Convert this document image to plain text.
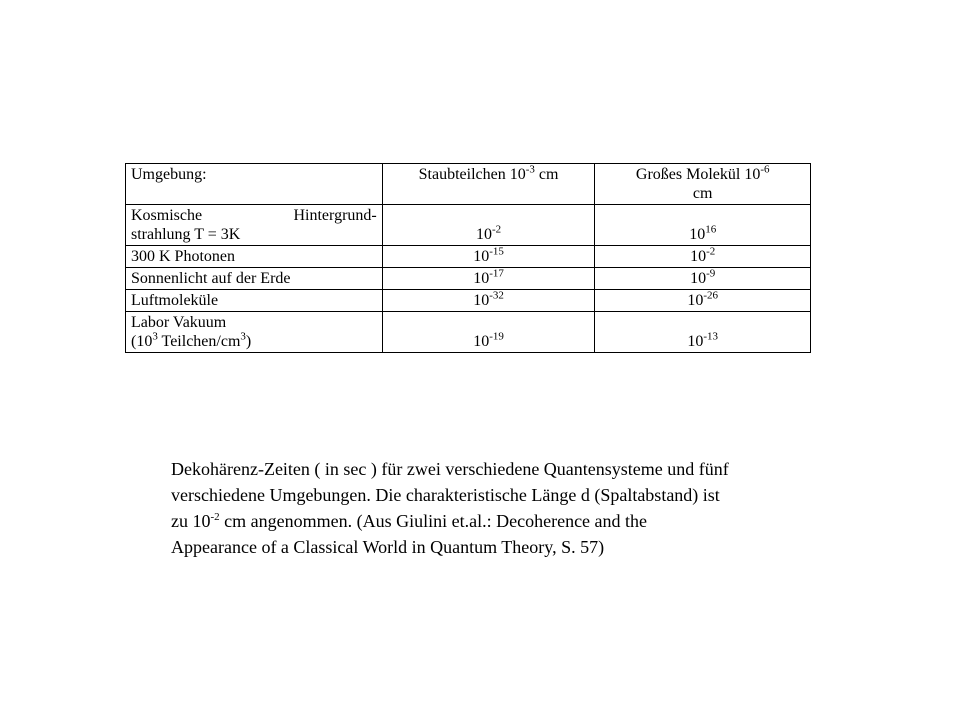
Umgebung:	Staubteilchen $10^{-3}$ cm	Großes Molekül $10^{-6}$
cm

Kosmische Hintergrund-
strahlung T = 3K	$10^{-2}$	$10^{16}$
300 K Photonen	$10^{-15}$	$10^{-2}$
Sonnenlicht auf der Erde	$10^{-17}$	$10^{-9}$
Luftmoleküle	$10^{-32}$	$10^{-26}$
Labor Vakuum
($10^3$ Teilchen/$cm^3$)	$10^{-19}$	$10^{-13}$
Dekohärenz-Zeiten ( in sec ) für zwei verschiedene Quantensysteme und fünf
verschiedene Umgebungen. Die charakteristische Länge d (Spaltabstand) ist
zu $10^{-2}$ cm angenommen. (Aus Giulini et.al.: Decoherence and the
Appearance of a Classical World in Quantum Theory, S. 57)
